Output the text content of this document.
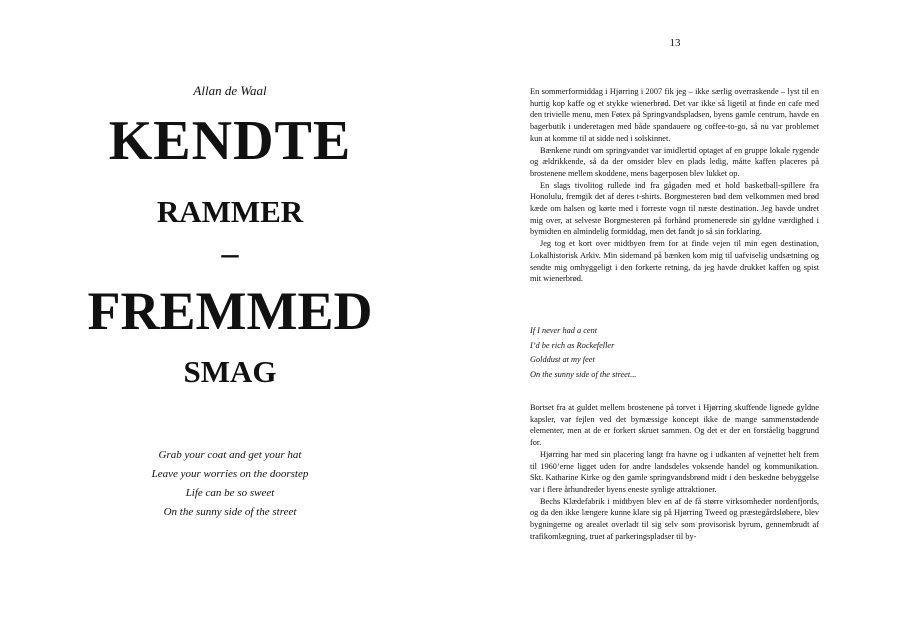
Allan de Waal
KENDTE
RAMMER
–
FREMMED
SMAG
Grab your coat and get your hat
Leave your worries on the doorstep
Life can be so sweet
On the sunny side of the street
13

En sommerformiddag i Hjørring i 2007 fik jeg – ikke særlig overraskende – lyst til en hurtig kop kaffe og et stykke wienerbrød. Det var ikke så ligetil at finde en cafe med den trivielle menu, men Føtex på Springvandspladsen, byens gamle centrum, havde en bagerbutik i underetagen med både spandauere og coffee-to-go, så nu var problemet kun at komme til at sidde ned i solskinnet.

Bænkene rundt om springvandet var imidlertid optaget af en gruppe lokale rygende og ældrikkende, så da der omsider blev en plads ledig, måtte kaffen placeres på brostenene mellem skoddene, mens bagerposen blev lukket op.

En slags tivolitog rullede ind fra gågaden med et hold basketball-spillere fra Honolulu, fremgik det af deres t-shirts. Borgmesteren bød dem velkommen med brød kæde om halsen og kørte med i forreste vogn til næste destination. Jeg havde undret mig over, at selveste Borgmesteren på forhånd promenerede sin gyldne værdighed i bymidten en almindelig formiddag, men det fandt jo så sin forklaring.

Jeg tog et kort over midtbyen frem for at finde vejen til min egen destination, Lokalhistorisk Arkiv. Min sidemand på bænken kom mig til uafviselig undsætning og sendte mig omhyggeligt i den forkerte retning, da jeg havde drukket kaffen og spist mit wienerbrød.

If I never had a cent
I’d be rich as Rockefeller
Golddust at my feet
On the sunny side of the street...

Bortset fra at guldet mellem brostenene på torvet i Hjørring skuffende lignede gyldne kapsler, var fejlen ved det bymæssige koncept ikke de mange sammenstødende elementer, men at de er forkert skruet sammen. Og det er der en forståelig baggrund for.

Hjørring har med sin placering langt fra havne og i udkanten af vejnettet helt frem til 1960’erne ligget uden for andre landsdeles voksende handel og kommunikation. Skt. Katharine Kirke og den gamle springvandsbrønd midt i den beskedne bebyggelse var i flere århundreder byens eneste synlige attraktioner.

Bechs Klædefabrik i midtbyen blev en af de få større virksomheder nordenfjords, og da den ikke længere kunne klare sig på Hjørring Tweed og præstegårdsløbere, blev bygningerne og arealet overladt til sig selv som provisorisk byrum, gennembrudt af trafikomlægning, truet af parkeringspladser til by-
